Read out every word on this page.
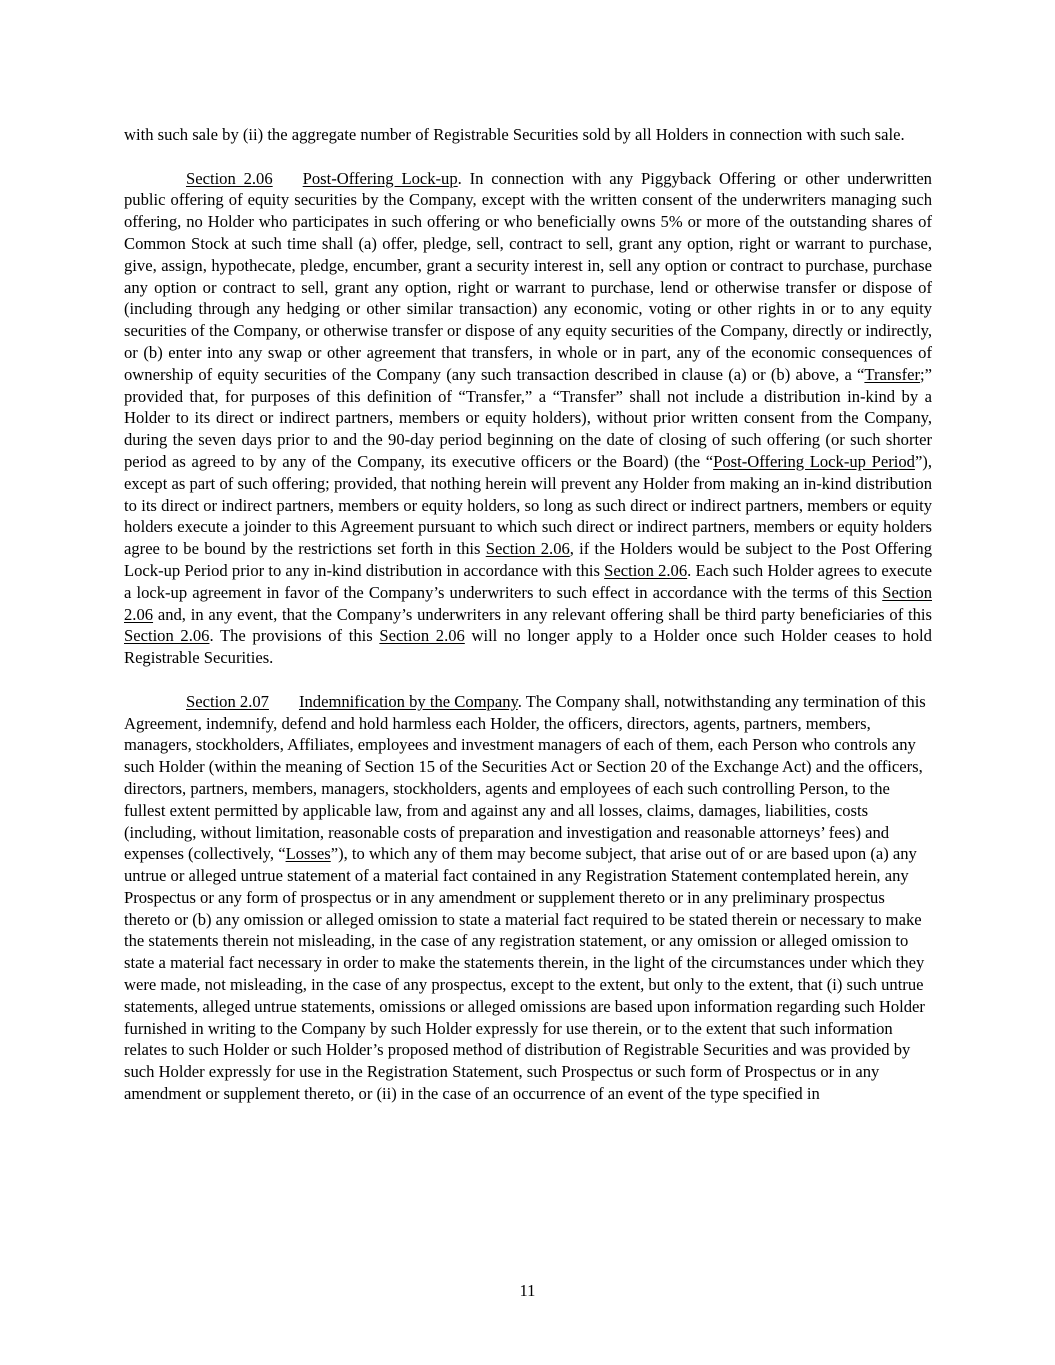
with such sale by (ii) the aggregate number of Registrable Securities sold by all Holders in connection with such sale.

Section 2.06 Post-Offering Lock-up. In connection with any Piggyback Offering or other underwritten public offering of equity securities by the Company, except with the written consent of the underwriters managing such offering, no Holder who participates in such offering or who beneficially owns 5% or more of the outstanding shares of Common Stock at such time shall (a) offer, pledge, sell, contract to sell, grant any option, right or warrant to purchase, give, assign, hypothecate, pledge, encumber, grant a security interest in, sell any option or contract to purchase, purchase any option or contract to sell, grant any option, right or warrant to purchase, lend or otherwise transfer or dispose of (including through any hedging or other similar transaction) any economic, voting or other rights in or to any equity securities of the Company, or otherwise transfer or dispose of any equity securities of the Company, directly or indirectly, or (b) enter into any swap or other agreement that transfers, in whole or in part, any of the economic consequences of ownership of equity securities of the Company (any such transaction described in clause (a) or (b) above, a “Transfer;” provided that, for purposes of this definition of “Transfer,” a “Transfer” shall not include a distribution in-kind by a Holder to its direct or indirect partners, members or equity holders), without prior written consent from the Company, during the seven days prior to and the 90-day period beginning on the date of closing of such offering (or such shorter period as agreed to by any of the Company, its executive officers or the Board) (the “Post-Offering Lock-up Period”), except as part of such offering; provided, that nothing herein will prevent any Holder from making an in-kind distribution to its direct or indirect partners, members or equity holders, so long as such direct or indirect partners, members or equity holders execute a joinder to this Agreement pursuant to which such direct or indirect partners, members or equity holders agree to be bound by the restrictions set forth in this Section 2.06, if the Holders would be subject to the Post Offering Lock-up Period prior to any in-kind distribution in accordance with this Section 2.06. Each such Holder agrees to execute a lock-up agreement in favor of the Company’s underwriters to such effect in accordance with the terms of this Section 2.06 and, in any event, that the Company’s underwriters in any relevant offering shall be third party beneficiaries of this Section 2.06. The provisions of this Section 2.06 will no longer apply to a Holder once such Holder ceases to hold Registrable Securities.

Section 2.07 Indemnification by the Company. The Company shall, notwithstanding any termination of this Agreement, indemnify, defend and hold harmless each Holder, the officers, directors, agents, partners, members, managers, stockholders, Affiliates, employees and investment managers of each of them, each Person who controls any such Holder (within the meaning of Section 15 of the Securities Act or Section 20 of the Exchange Act) and the officers, directors, partners, members, managers, stockholders, agents and employees of each such controlling Person, to the fullest extent permitted by applicable law, from and against any and all losses, claims, damages, liabilities, costs (including, without limitation, reasonable costs of preparation and investigation and reasonable attorneys’ fees) and expenses (collectively, “Losses”), to which any of them may become subject, that arise out of or are based upon (a) any untrue or alleged untrue statement of a material fact contained in any Registration Statement contemplated herein, any Prospectus or any form of prospectus or in any amendment or supplement thereto or in any preliminary prospectus thereto or (b) any omission or alleged omission to state a material fact required to be stated therein or necessary to make the statements therein not misleading, in the case of any registration statement, or any omission or alleged omission to state a material fact necessary in order to make the statements therein, in the light of the circumstances under which they were made, not misleading, in the case of any prospectus, except to the extent, but only to the extent, that (i) such untrue statements, alleged untrue statements, omissions or alleged omissions are based upon information regarding such Holder furnished in writing to the Company by such Holder expressly for use therein, or to the extent that such information relates to such Holder or such Holder’s proposed method of distribution of Registrable Securities and was provided by such Holder expressly for use in the Registration Statement, such Prospectus or such form of Prospectus or in any amendment or supplement thereto, or (ii) in the case of an occurrence of an event of the type specified in

11
